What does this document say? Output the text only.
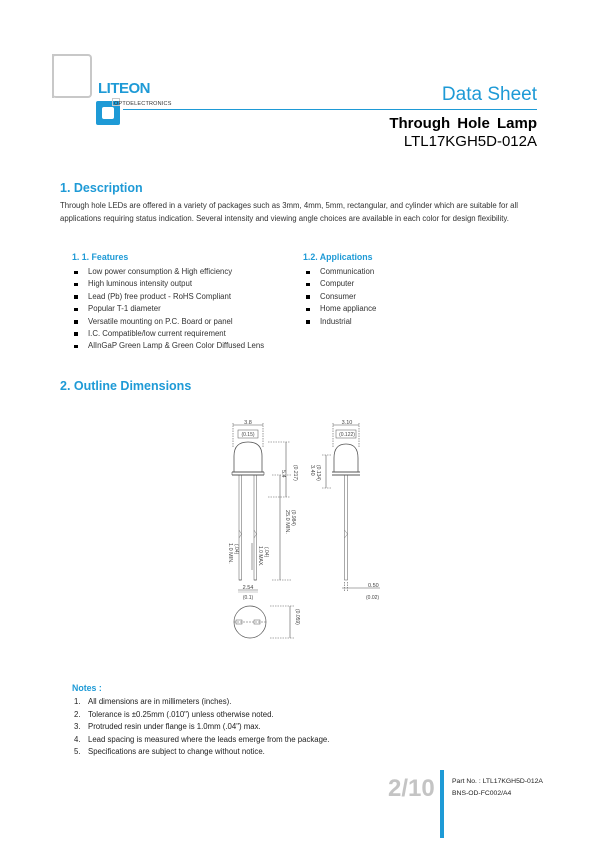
LITEON
OPTOELECTRONICS	Data Sheet
Through Hole Lamp
LTL17KGH5D-012A
1. Description
Through hole LEDs are offered in a variety of packages such as 3mm, 4mm, 5mm, rectangular, and cylinder which are suitable for all applications requiring status indication. Several intensity and viewing angle choices are available in each color for design flexibility.
1. 1. Features
Low power consumption & High efficiency
High luminous intensity output
Lead (Pb) free product - RoHS Compliant
Popular T-1 diameter
Versatile mounting on P.C. Board or panel
I.C. Compatible/low current requirement
AlInGaP Green Lamp & Green Color Diffused Lens
1.2. Applications
Communication
Computer
Consumer
Home appliance
Industrial
2. Outline Dimensions
3.8
(0.15)
5.4 (0.217)
1.0 MAX. (.04)
1.0 MIN. (.04)
25.0 MIN. (0.984)
2.54
(0.1)
(0.059)
3.10
(0.122)
3.40 (0.134)
0.50
(0.02)
Notes :
1. All dimensions are in millimeters (inches).
2. Tolerance is ±0.25mm (.010") unless otherwise noted.
3. Protruded resin under flange is 1.0mm (.04") max.
4. Lead spacing is measured where the leads emerge from the package.
5. Specifications are subject to change without notice.
2/10	Part No. : LTL17KGH5D-012A
BNS-OD-FC002/A4
